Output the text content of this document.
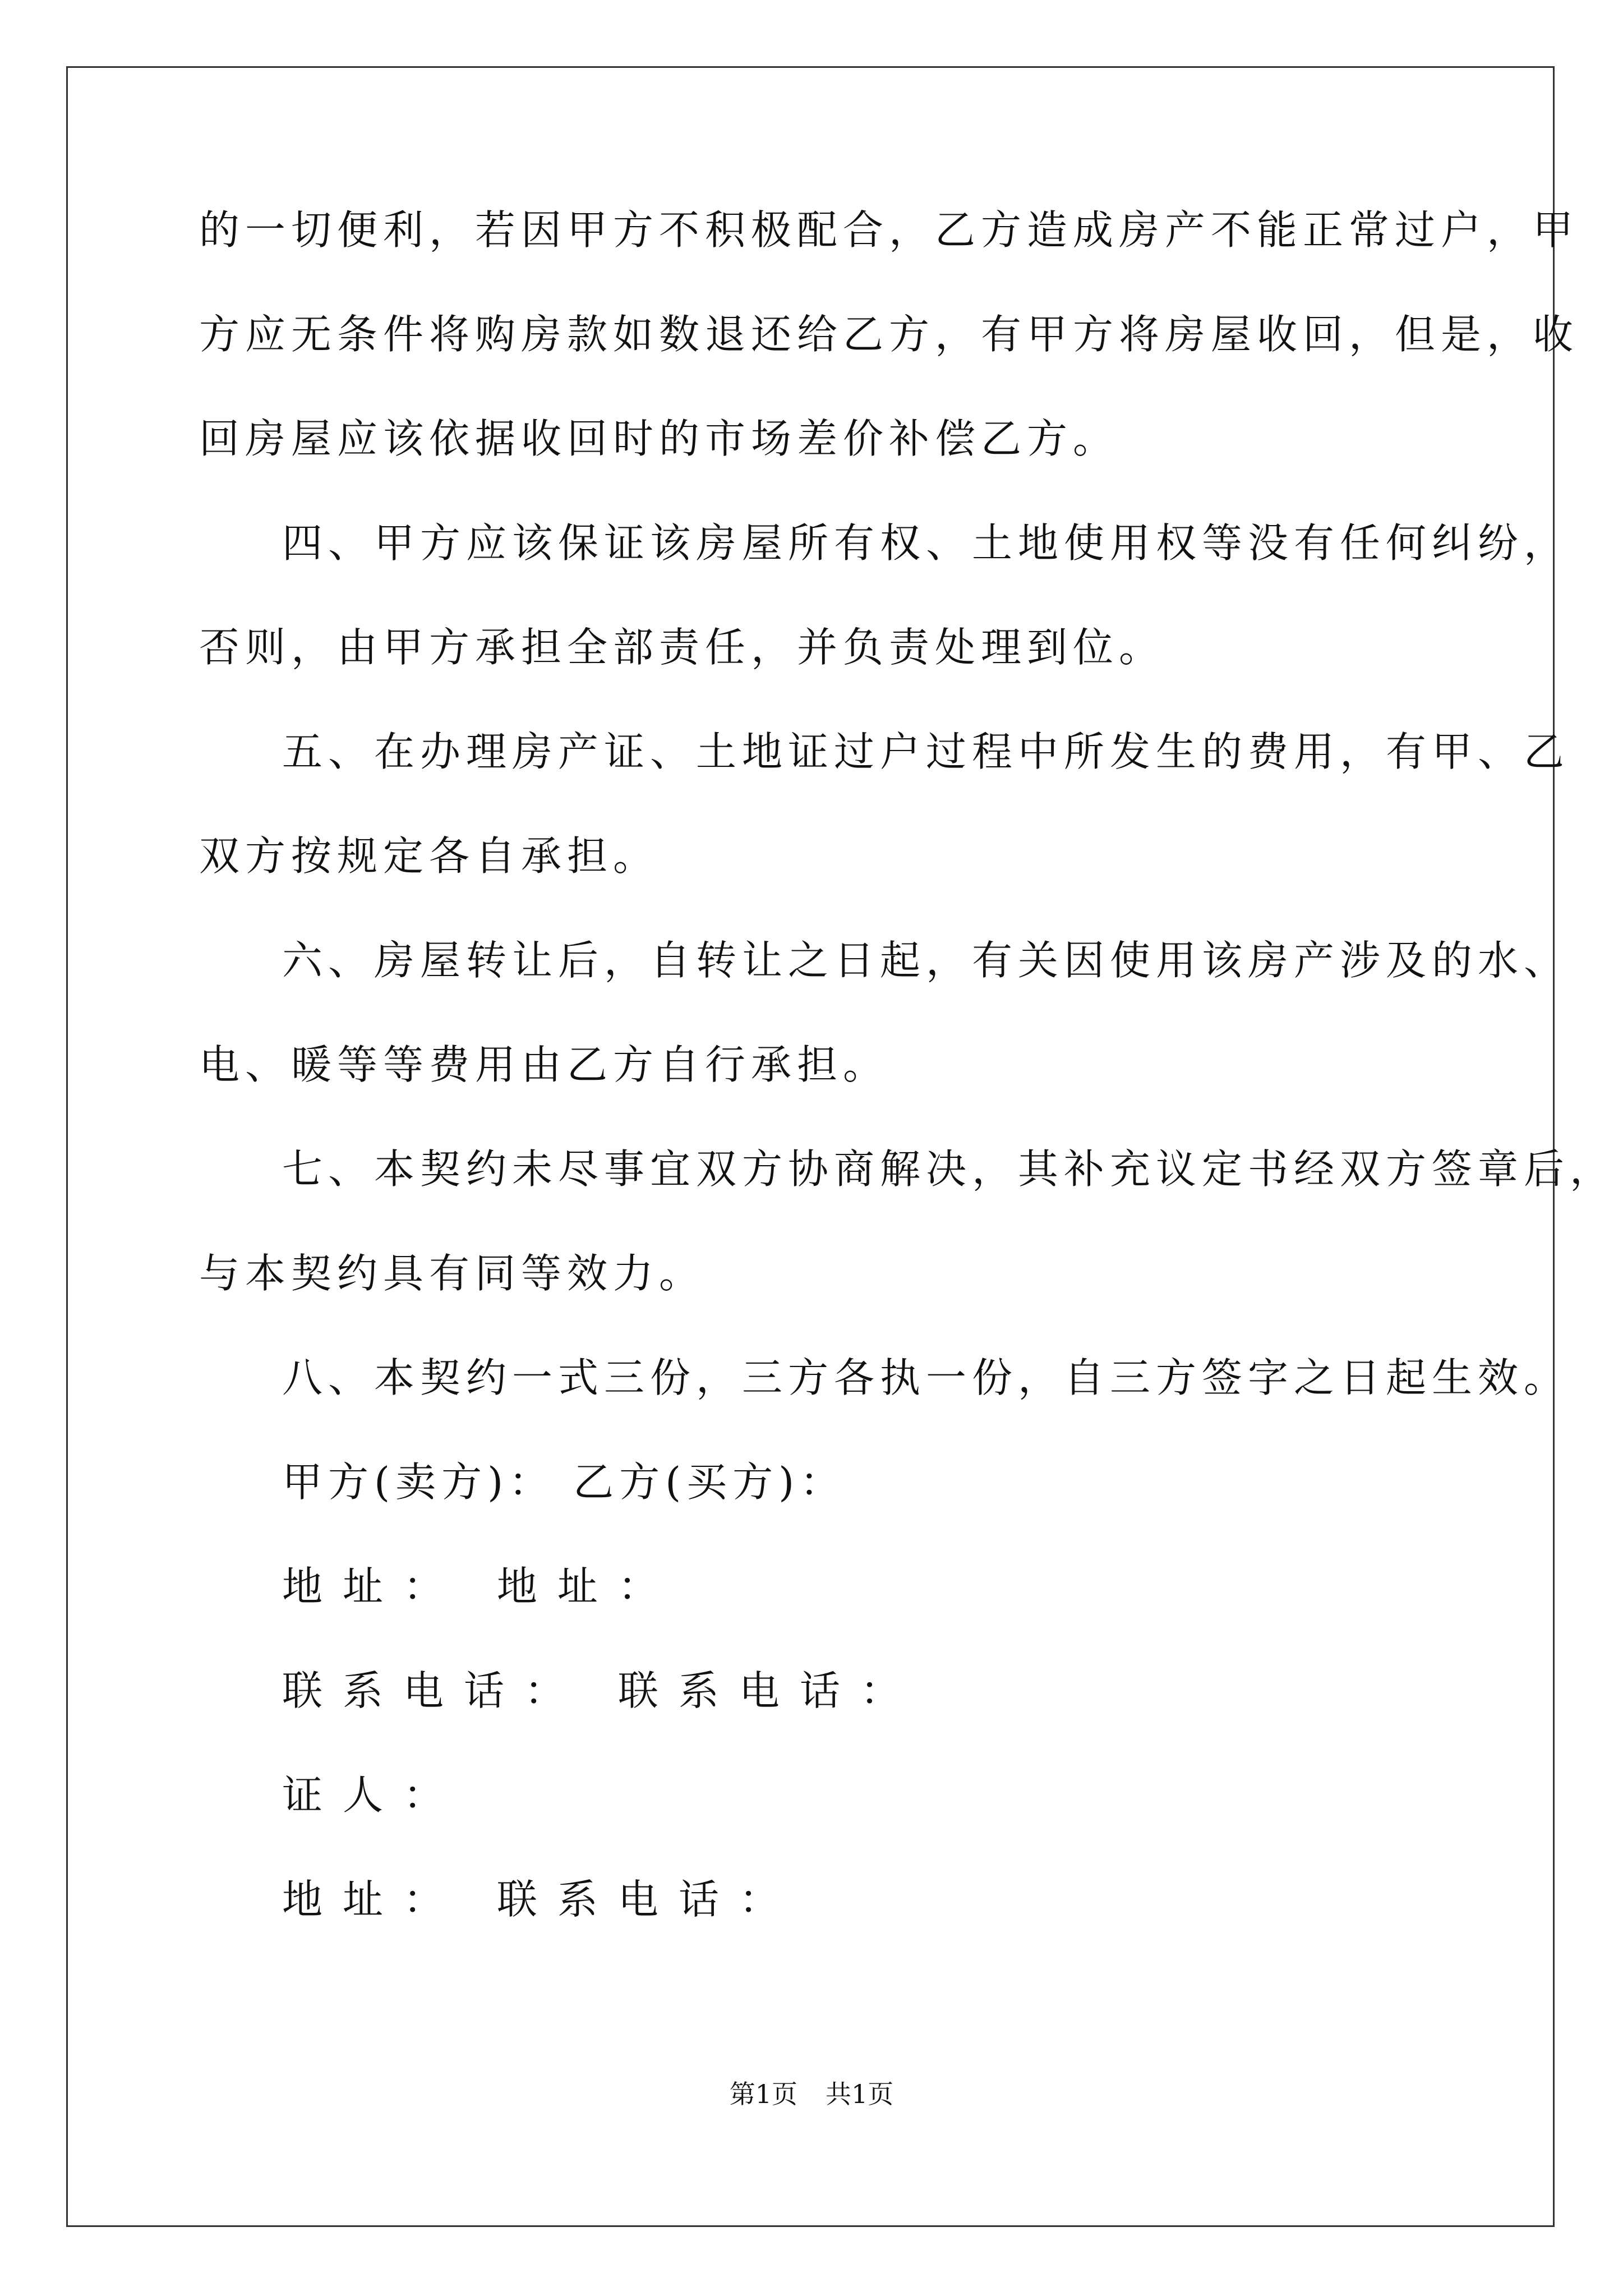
的一切便利，若因甲方不积极配合，乙方造成房产不能正常过户，甲
方应无条件将购房款如数退还给乙方，有甲方将房屋收回，但是，收
回房屋应该依据收回时的市场差价补偿乙方。
四、甲方应该保证该房屋所有权、土地使用权等没有任何纠纷，
否则，由甲方承担全部责任，并负责处理到位。
五、在办理房产证、土地证过户过程中所发生的费用，有甲、乙
双方按规定各自承担。
六、房屋转让后，自转让之日起，有关因使用该房产涉及的水、
电、暖等等费用由乙方自行承担。
七、本契约未尽事宜双方协商解决，其补充议定书经双方签章后，
与本契约具有同等效力。
八、本契约一式三份，三方各执一份，自三方签字之日起生效。
甲方(卖方)： 乙方(买方)：
地址： 地址：
联系电话： 联系电话：
证人：
地址： 联系电话：
第1页 共1页
